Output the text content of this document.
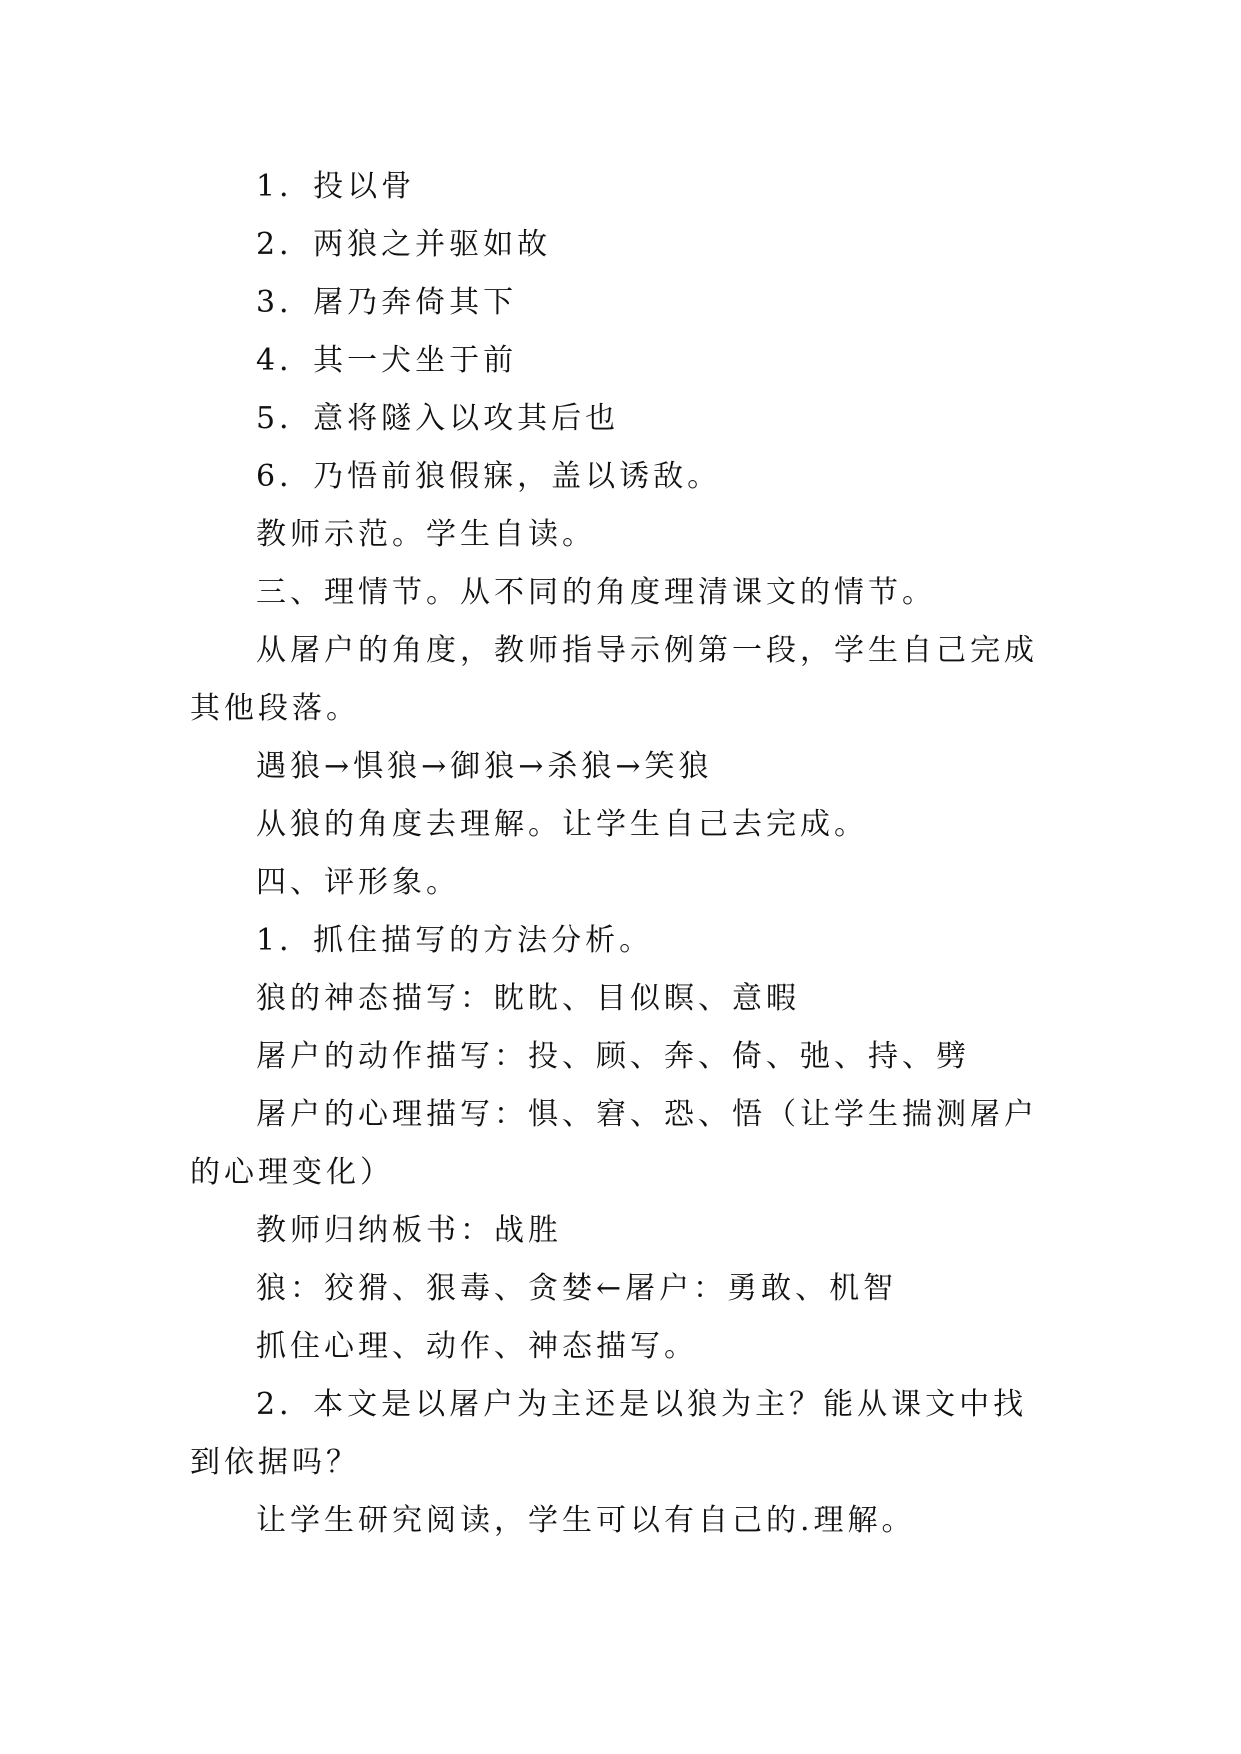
1．投以骨

2．两狼之并驱如故

3．屠乃奔倚其下

4．其一犬坐于前

5．意将隧入以攻其后也

6．乃悟前狼假寐，盖以诱敌。

教师示范。学生自读。

三、理情节。从不同的角度理清课文的情节。

从屠户的角度，教师指导示例第一段，学生自己完成其他段落。

遇狼→惧狼→御狼→杀狼→笑狼

从狼的角度去理解。让学生自己去完成。

四、评形象。

1．抓住描写的方法分析。

狼的神态描写：眈眈、目似瞑、意暇

屠户的动作描写：投、顾、奔、倚、弛、持、劈

屠户的心理描写：惧、窘、恐、悟（让学生揣测屠户的心理变化）

教师归纳板书：战胜

狼：狡猾、狠毒、贪婪←屠户：勇敢、机智

抓住心理、动作、神态描写。

2．本文是以屠户为主还是以狼为主？能从课文中找到依据吗？

让学生研究阅读，学生可以有自己的.理解。
